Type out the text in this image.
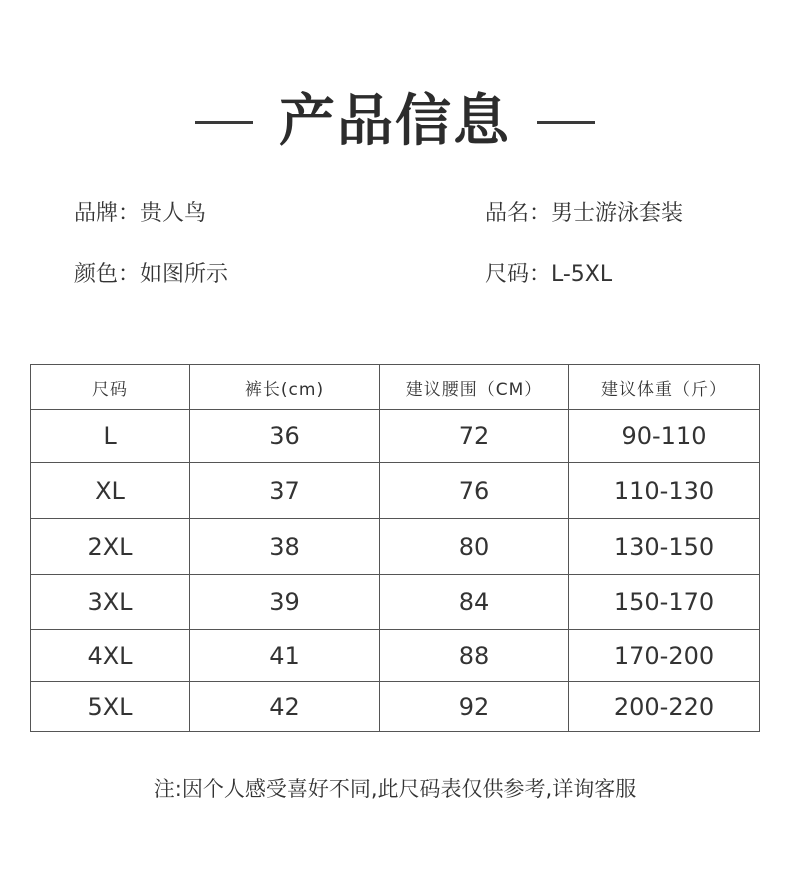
产品信息
品牌：贵人鸟	品名：男士游泳套装
颜色：如图所示	尺码：L-5XL
尺码	裤长(cm)	建议腰围（CM）	建议体重（斤）
L	36	72	90-110
XL	37	76	110-130
2XL	38	80	130-150
3XL	39	84	150-170
4XL	41	88	170-200
5XL	42	92	200-220
注:因个人感受喜好不同,此尺码表仅供参考,详询客服
